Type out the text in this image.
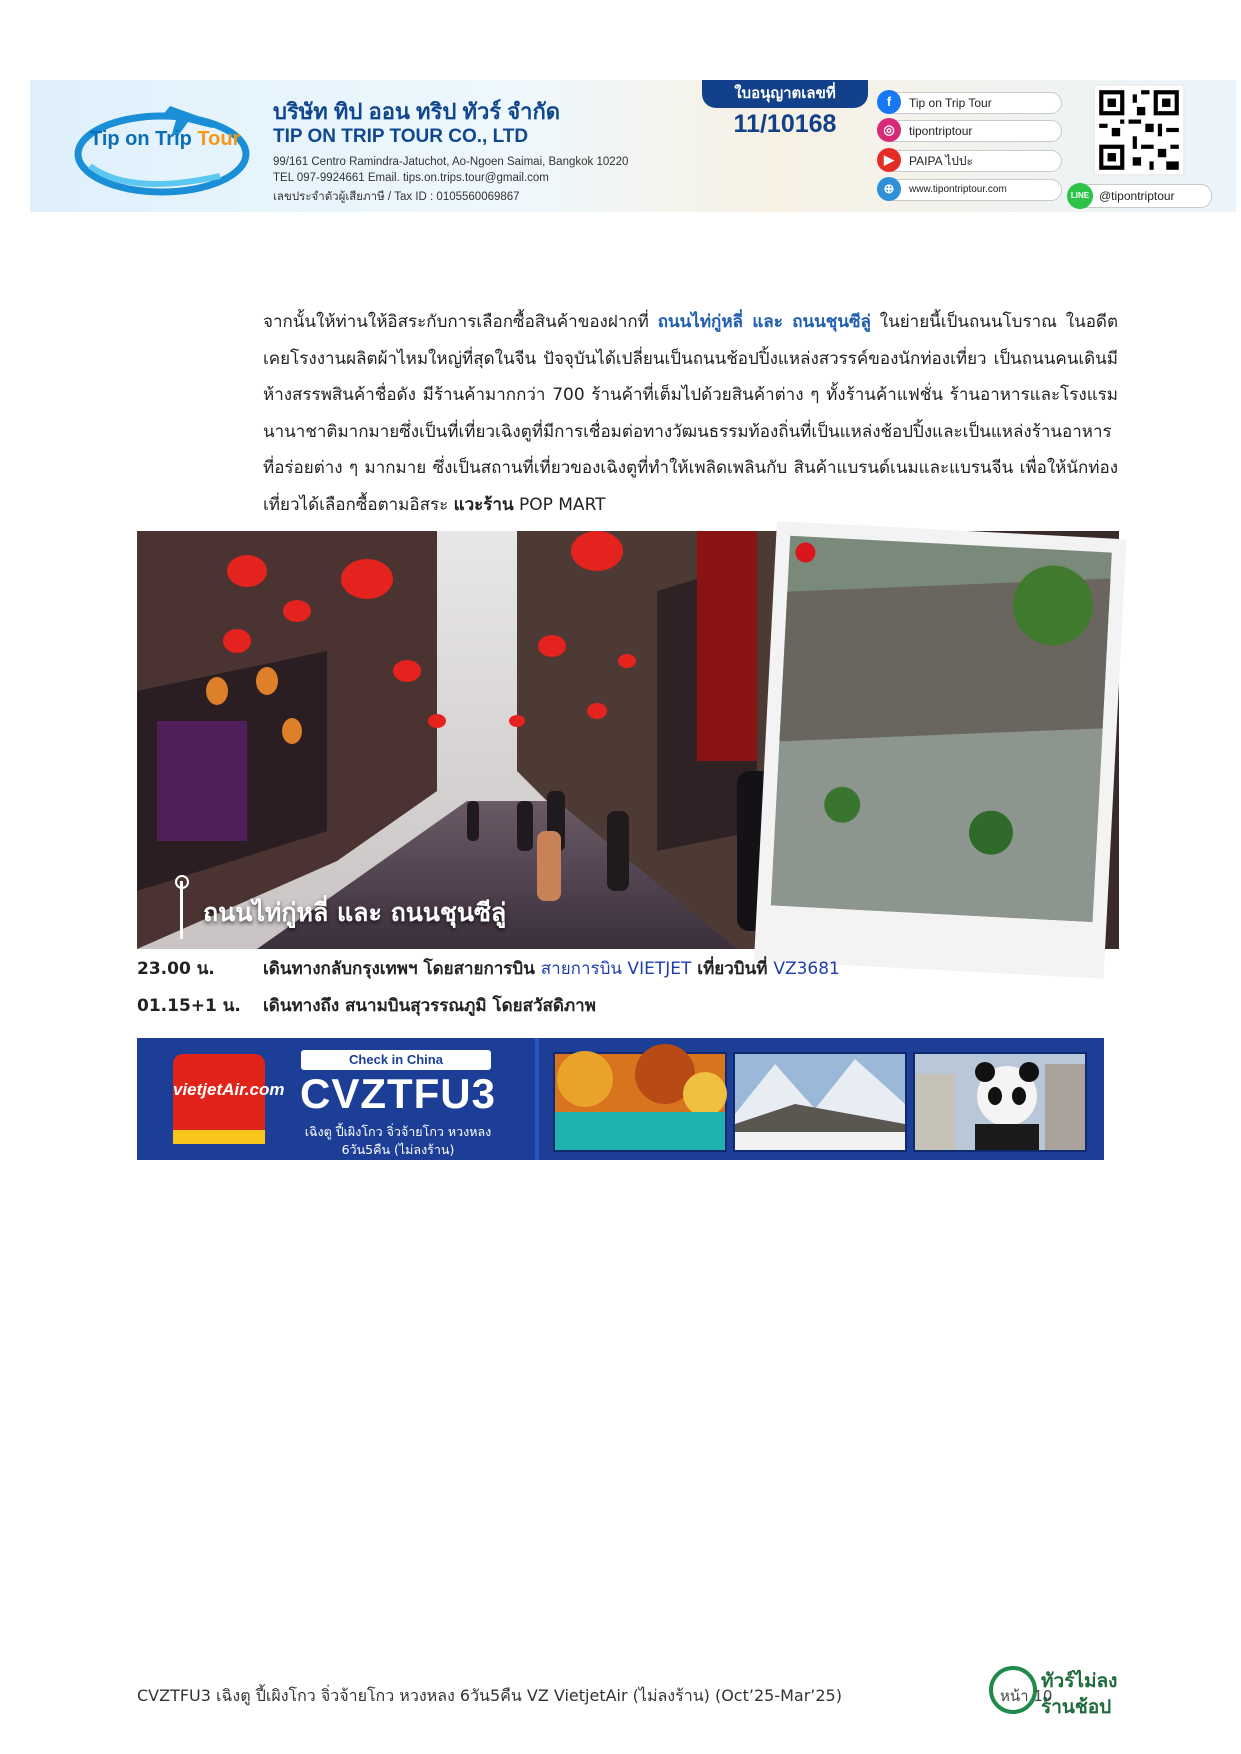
Tip on Trip Tour
บริษัท ทิป ออน ทริป ทัวร์ จำกัด
TIP ON TRIP TOUR CO., LTD
99/161 Centro Ramindra-Jatuchot, Ao-Ngoen Saimai, Bangkok 10220
TEL 097-9924661 Email. tips.on.trips.tour@gmail.com
เลขประจำตัวผู้เสียภาษี / Tax ID : 0105560069867
ใบอนุญาตเลขที่
11/10168
f	Tip on Trip Tour
◎	tipontriptour
▶	PAIPA ไปปะ
⊕	www.tipontriptour.com
LINE @tipontriptour
จากนั้นให้ท่านให้อิสระกับการเลือกซื้อสินค้าของฝากที่ ถนนไท่กู่หลี่ และ ถนนชุนซีลู่ ในย่ายนี้เป็นถนนโบราณ ในอดีตเคยโรงงานผลิตผ้าไหมใหญ่ที่สุดในจีน ปัจจุบันได้เปลี่ยนเป็นถนนช้อปปิ้งแหล่งสวรรค์ของนักท่องเที่ยว เป็นถนนคนเดินมีห้างสรรพสินค้าชื่อดัง มีร้านค้ามากกว่า 700 ร้านค้าที่เต็มไปด้วยสินค้าต่าง ๆ ทั้งร้านค้าแฟชั่น ร้านอาหารและโรงแรมนานาชาติมากมายซึ่งเป็นที่เที่ยวเฉิงตูที่มีการเชื่อมต่อทางวัฒนธรรมท้องถิ่นที่เป็นแหล่งช้อปปิ้งและเป็นแหล่งร้านอาหารที่อร่อยต่าง ๆ มากมาย ซึ่งเป็นสถานที่เที่ยวของเฉิงตูที่ทำให้เพลิดเพลินกับ สินค้าแบรนด์เนมและแบรนจีน เพื่อให้นักท่องเที่ยวได้เลือกซื้อตามอิสระ แวะร้าน POP MART
ถนนไท่กู่หลี่ และ ถนนชุนซีลู่
23.00 น.	เดินทางกลับกรุงเทพฯ โดยสายการบิน สายการบิน VIETJET เที่ยวบินที่ VZ3681
01.15+1 น.	เดินทางถึง สนามบินสุวรรณภูมิ โดยสวัสดิภาพ
vietjetAir.com
Check in China
CVZTFU3
เฉิงตู ปี้เผิงโกว จิ่วจ้ายโกว หวงหลง
6วัน5คืน (ไม่ลงร้าน)
CVZTFU3 เฉิงตู ปี้เผิงโกว จิ่วจ้ายโกว หวงหลง 6วัน5คืน VZ VietjetAir (ไม่ลงร้าน) (Oct’25-Mar’25)
ทัวร์ไม่ลง
ร้านช้อป
หน้า 10
